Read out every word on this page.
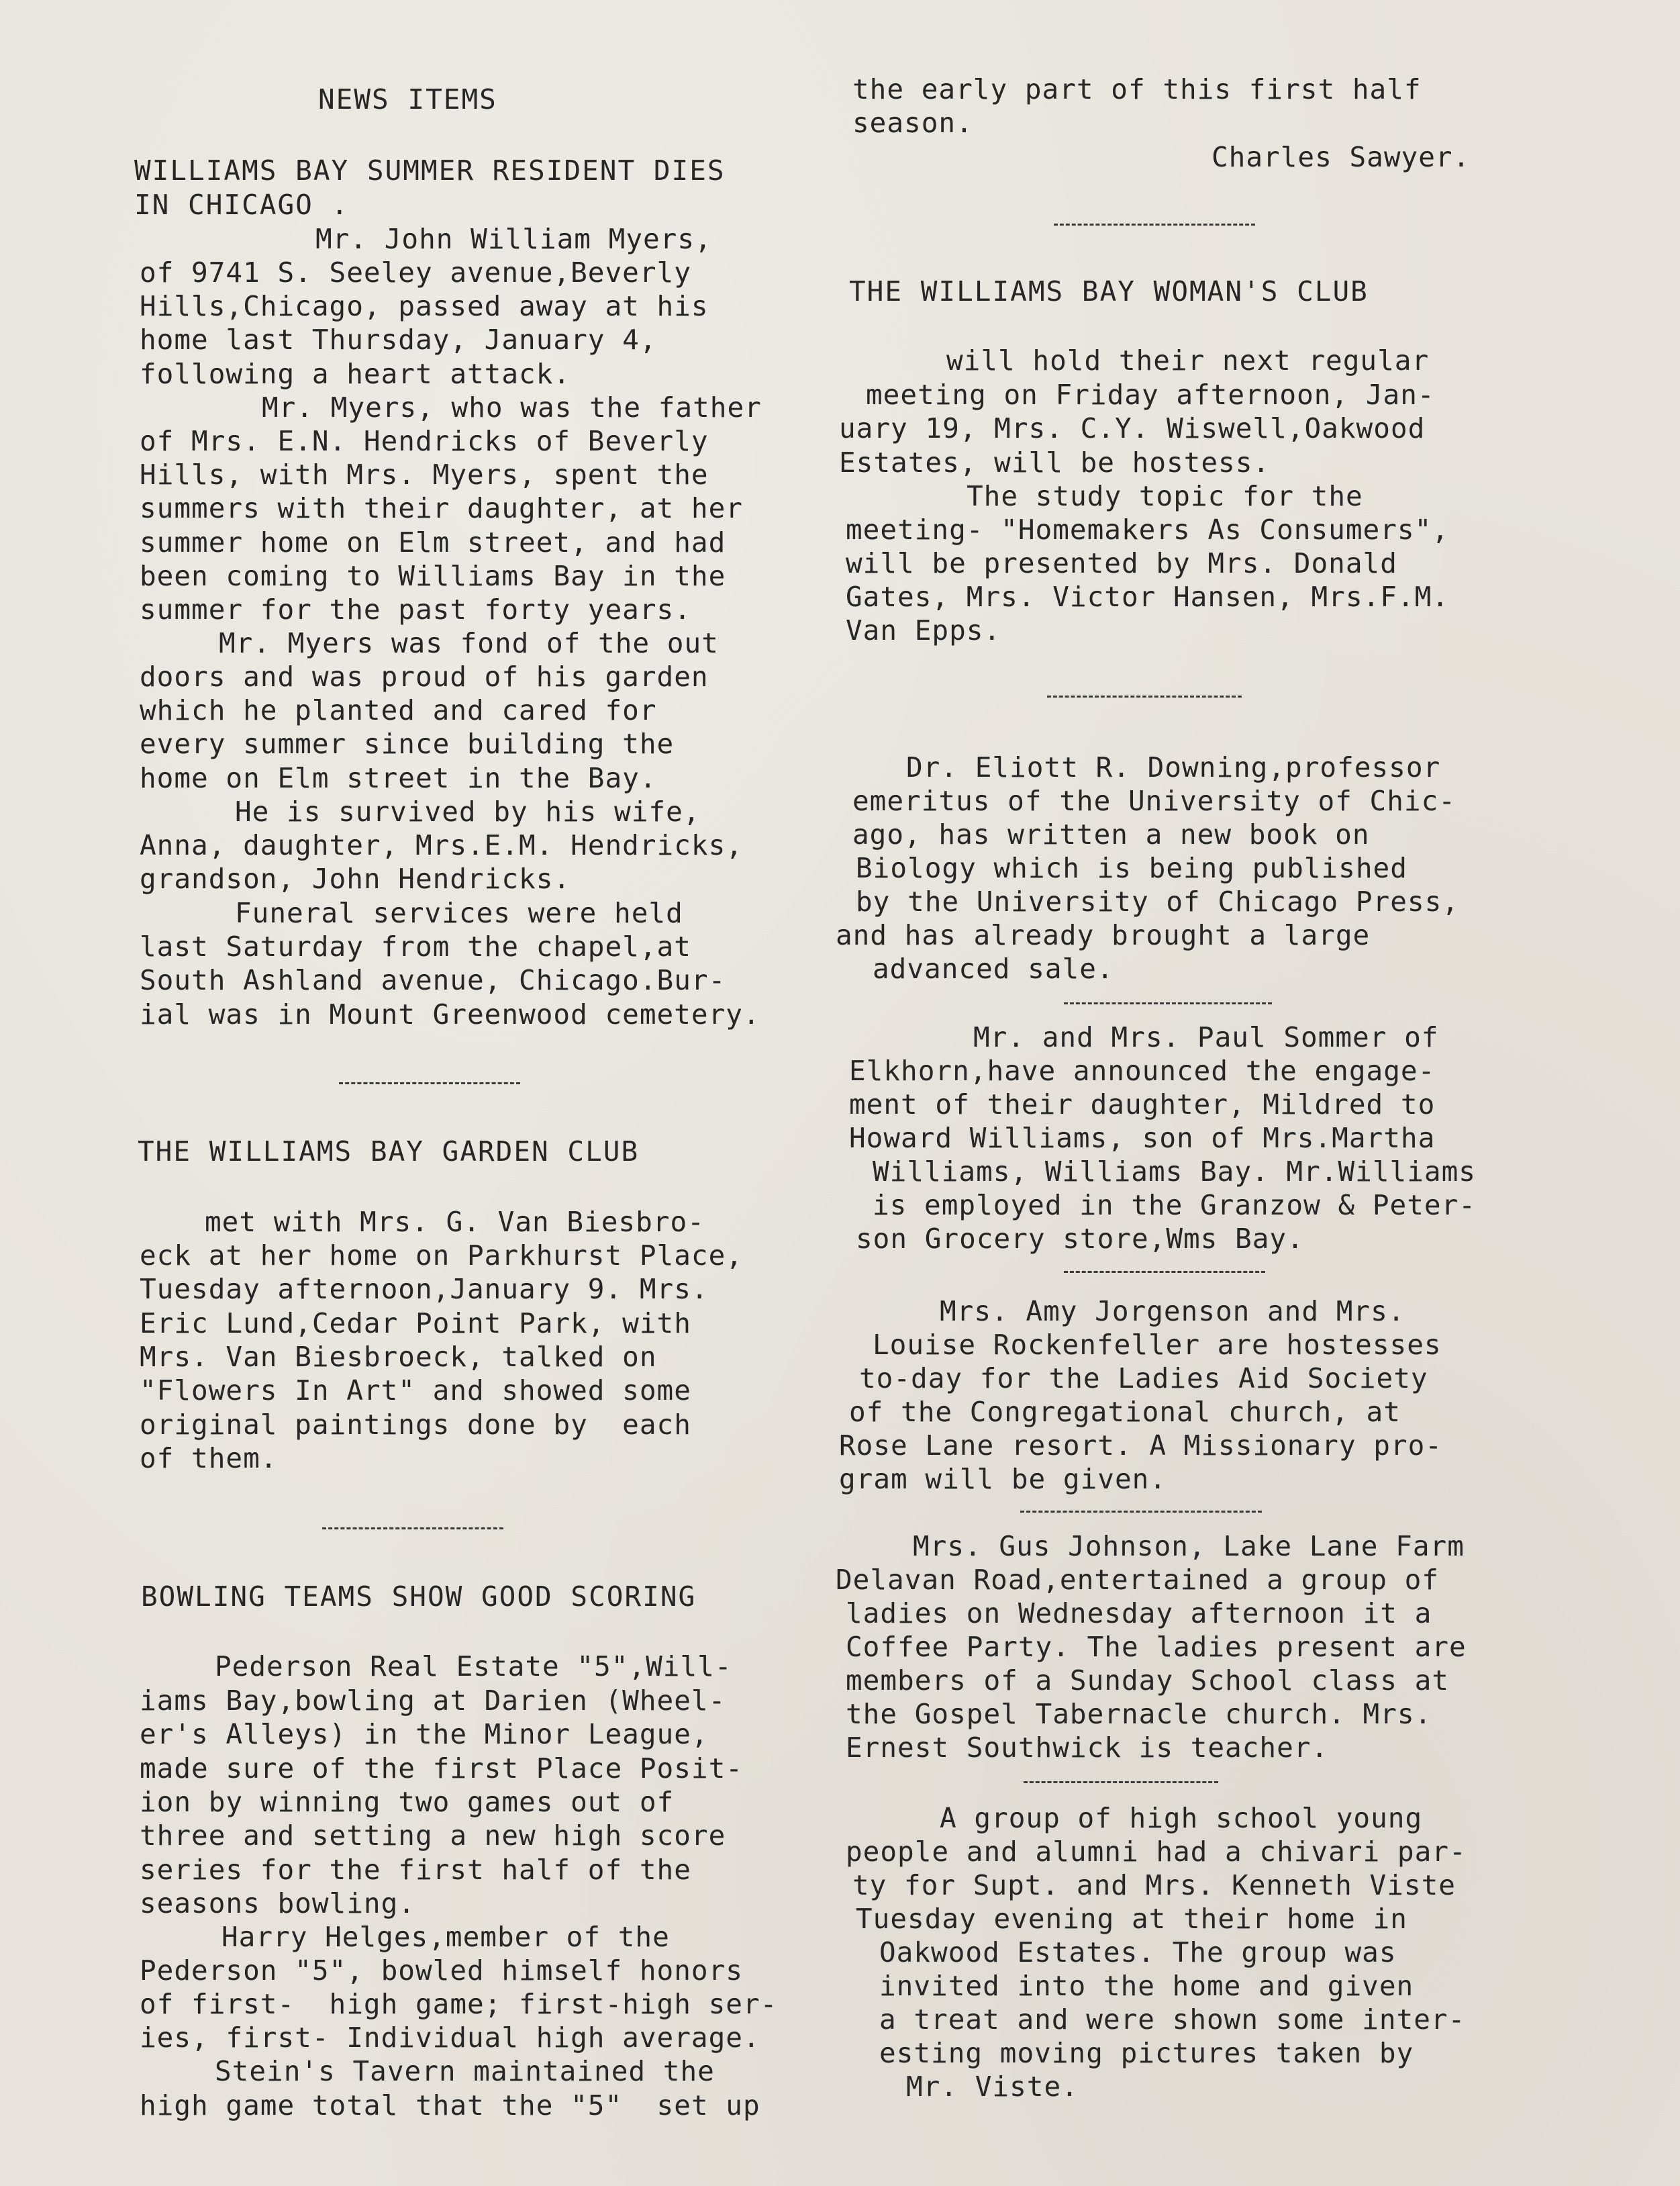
NEWS ITEMS
WILLIAMS BAY SUMMER RESIDENT DIES
IN CHICAGO .
Mr. John William Myers,
of 9741 S. Seeley avenue,Beverly
Hills,Chicago, passed away at his
home last Thursday, January 4,
following a heart attack.
Mr. Myers, who was the father
of Mrs. E.N. Hendricks of Beverly
Hills, with Mrs. Myers, spent the
summers with their daughter, at her
summer home on Elm street, and had
been coming to Williams Bay in the
summer for the past forty years.
Mr. Myers was fond of the out
doors and was proud of his garden
which he planted and cared for
every summer since building the
home on Elm street in the Bay.
He is survived by his wife,
Anna, daughter, Mrs.E.M. Hendricks,
grandson, John Hendricks.
Funeral services were held
last Saturday from the chapel,at
South Ashland avenue, Chicago.Bur-
ial was in Mount Greenwood cemetery.
THE WILLIAMS BAY GARDEN CLUB
met with Mrs. G. Van Biesbro-
eck at her home on Parkhurst Place,
Tuesday afternoon,January 9. Mrs.
Eric Lund,Cedar Point Park, with
Mrs. Van Biesbroeck, talked on
"Flowers In Art" and showed some
original paintings done by  each
of them.
BOWLING TEAMS SHOW GOOD SCORING
Pederson Real Estate "5",Will-
iams Bay,bowling at Darien (Wheel-
er's Alleys) in the Minor League,
made sure of the first Place Posit-
ion by winning two games out of
three and setting a new high score
series for the first half of the
seasons bowling.
Harry Helges,member of the
Pederson "5", bowled himself honors
of first-  high game; first-high ser-
ies, first- Individual high average.
Stein's Tavern maintained the
high game total that the "5"  set up
the early part of this first half
season.
Charles Sawyer.
THE WILLIAMS BAY WOMAN'S CLUB
will hold their next regular
meeting on Friday afternoon, Jan-
uary 19, Mrs. C.Y. Wiswell,Oakwood
Estates, will be hostess.
The study topic for the
meeting- "Homemakers As Consumers",
will be presented by Mrs. Donald
Gates, Mrs. Victor Hansen, Mrs.F.M.
Van Epps.
Dr. Eliott R. Downing,professor
emeritus of the University of Chic-
ago, has written a new book on
Biology which is being published
by the University of Chicago Press,
and has already brought a large
advanced sale.
Mr. and Mrs. Paul Sommer of
Elkhorn,have announced the engage-
ment of their daughter, Mildred to
Howard Williams, son of Mrs.Martha
Williams, Williams Bay. Mr.Williams
is employed in the Granzow & Peter-
son Grocery store,Wms Bay.
Mrs. Amy Jorgenson and Mrs.
Louise Rockenfeller are hostesses
to-day for the Ladies Aid Society
of the Congregational church, at
Rose Lane resort. A Missionary pro-
gram will be given.
Mrs. Gus Johnson, Lake Lane Farm
Delavan Road,entertained a group of
ladies on Wednesday afternoon it a
Coffee Party. The ladies present are
members of a Sunday School class at
the Gospel Tabernacle church. Mrs.
Ernest Southwick is teacher.
A group of high school young
people and alumni had a chivari par-
ty for Supt. and Mrs. Kenneth Viste
Tuesday evening at their home in
Oakwood Estates. The group was
invited into the home and given
a treat and were shown some inter-
esting moving pictures taken by
Mr. Viste.
